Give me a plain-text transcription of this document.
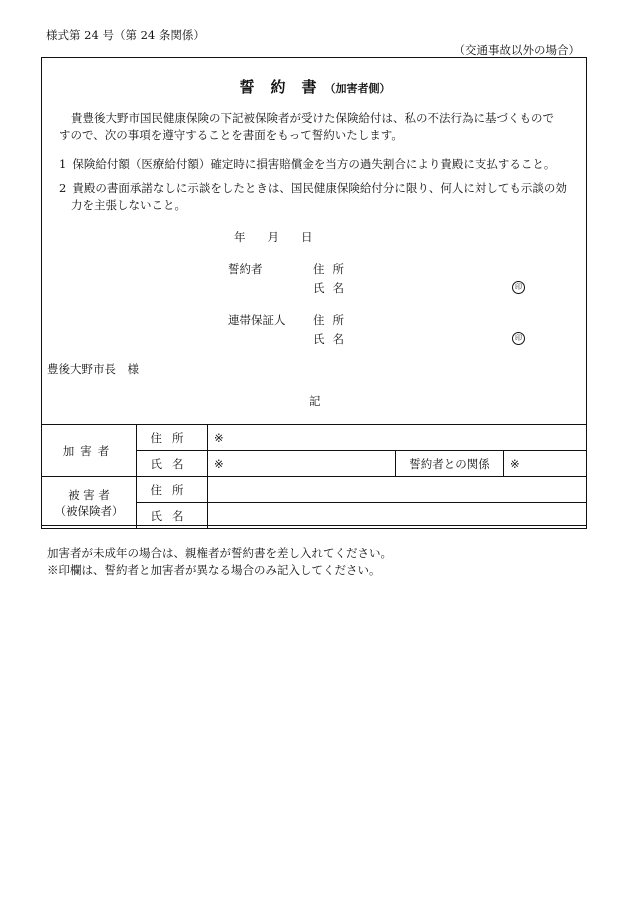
様式第 24 号（第 24 条関係）
（交通事故以外の場合）
誓約書（加害者側）
貴豊後大野市国民健康保険の下記被保険者が受けた保険給付は、私の不法行為に基づくものですので、次の事項を遵守することを書面をもって誓約いたします。
1 保険給付額（医療給付額）確定時に損害賠償金を当方の過失割合により貴殿に支払すること。
2 貴殿の書面承諾なしに示談をしたときは、国民健康保険給付分に限り、何人に対しても示談の効力を主張しないこと。
年 月 日
誓約者	住所
氏名	印
連帯保証人 住所
氏名	印
豊後大野市長　様
記
加害者	住所	※		
	氏名	※	誓約者との関係	※

被 害 者
（被保険者）	住所			
	氏名			
加害者が未成年の場合は、親権者が誓約書を差し入れてください。
※印欄は、誓約者と加害者が異なる場合のみ記入してください。
